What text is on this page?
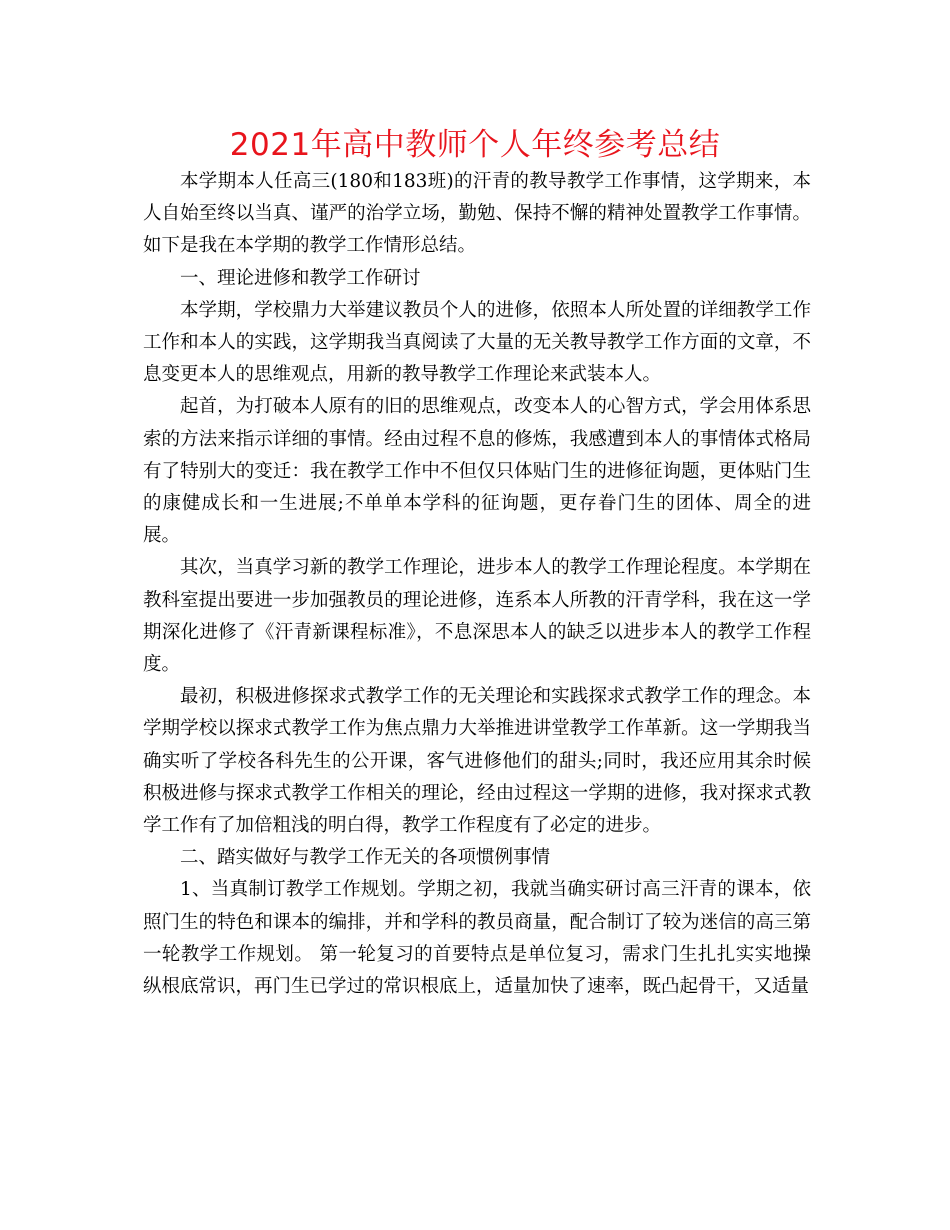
2021年高中教师个人年终参考总结

本学期本人任高三(180和183班)的汗青的教导教学工作事情，这学期来，本人自始至终以当真、谨严的治学立场，勤勉、保持不懈的精神处置教学工作事情。如下是我在本学期的教学工作情形总结。

一、理论进修和教学工作研讨

本学期，学校鼎力大举建议教员个人的进修，依照本人所处置的详细教学工作工作和本人的实践，这学期我当真阅读了大量的无关教导教学工作方面的文章，不息变更本人的思维观点，用新的教导教学工作理论来武装本人。

起首，为打破本人原有的旧的思维观点，改变本人的心智方式，学会用体系思索的方法来指示详细的事情。经由过程不息的修炼，我感遭到本人的事情体式格局有了特别大的变迁：我在教学工作中不但仅只体贴门生的进修征询题，更体贴门生的康健成长和一生进展;不单单本学科的征询题，更存眷门生的团体、周全的进展。

其次，当真学习新的教学工作理论，进步本人的教学工作理论程度。本学期在教科室提出要进一步加强教员的理论进修，连系本人所教的汗青学科，我在这一学期深化进修了《汗青新课程标准》，不息深思本人的缺乏以进步本人的教学工作程度。

最初，积极进修探求式教学工作的无关理论和实践探求式教学工作的理念。本学期学校以探求式教学工作为焦点鼎力大举推进讲堂教学工作革新。这一学期我当确实听了学校各科先生的公开课，客气进修他们的甜头;同时，我还应用其余时候积极进修与探求式教学工作相关的理论，经由过程这一学期的进修，我对探求式教学工作有了加倍粗浅的明白得，教学工作程度有了必定的进步。

二、踏实做好与教学工作无关的各项惯例事情

1、当真制订教学工作规划。学期之初，我就当确实研讨高三汗青的课本，依照门生的特色和课本的编排，并和学科的教员商量，配合制订了较为迷信的高三第一轮教学工作规划。 第一轮复习的首要特点是单位复习，需求门生扎扎实实地操纵根底常识，再门生已学过的常识根底上，适量加快了速率，既凸起骨干，又适量
